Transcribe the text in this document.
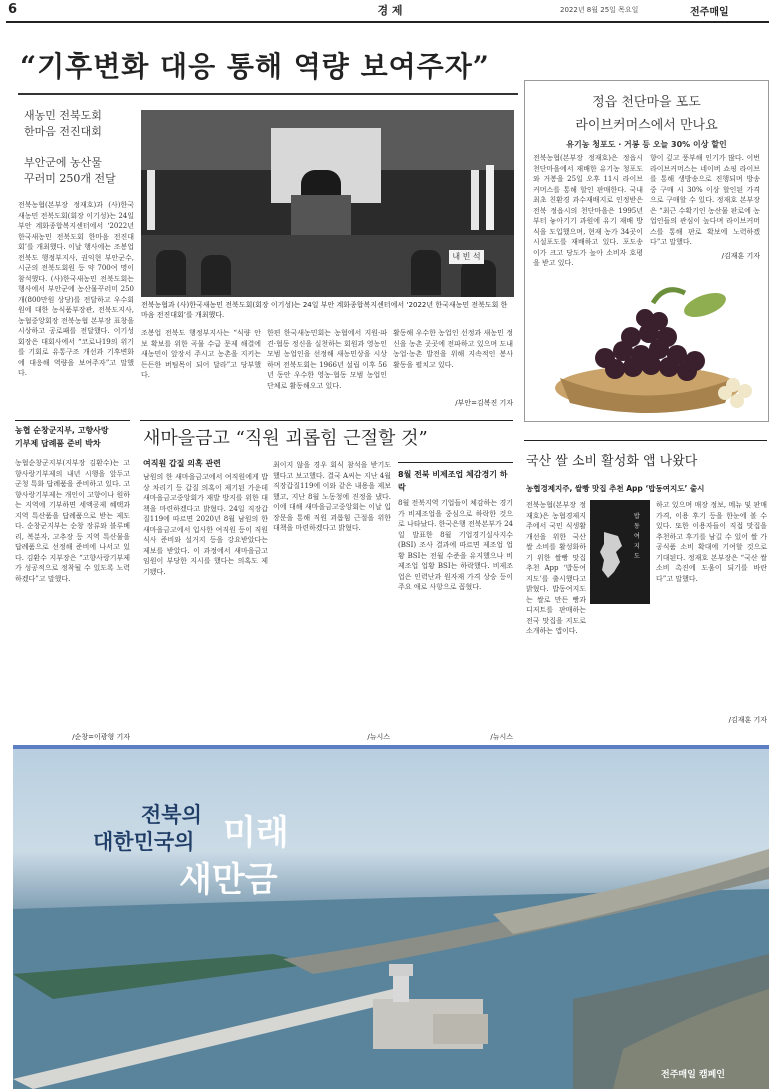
6	경 제	2022년 8월 25일 목요일	전주매일
“기후변화 대응 통해 역량 보여주자”
새농민 전북도회
한마음 전진대회
부안군에 농산물
꾸러미 250개 전달
전북농협(본부장 정재호)과 (사)한국새농민 전북도회(회장 이기성)는 24일 부안 계화종합복지센터에서 ‘2022년 한국새농민 전북도회 한마음 전진대회’를 개최했다. 이날 행사에는 조봉업 전북도 행정부지사, 권익현 부안군수, 시군의 전북도회원 등 약 700여 명이 참석했다. (사)한국새농민 전북도회는 행사에서 부안군에 농산물꾸러미 250개(800만원 상당)를 전달하고 우수회원에 대한 농식품부장관, 전북도지사, 농협중앙회장 전북농협 본부장 표창을 시상하고 공로패를 전달했다. 이기성 회장은 대회사에서 “코로나19의 위기를 기회로 유통구조 개선과 기후변화에 대응해 역량을 보여주자”고 말했다.
내 빈 석
전북농협과 (사)한국새농민 전북도회(회장 이기성)는 24일 부안 계화종합복지센터에서 ‘2022년 한국새농민 전북도회 한마음 전진대회’를 개최했다.
조봉업 전북도 행정부지사는 “식량 안보 확보를 위한 곡물 수급 문제 해결에 새농민이 앞장서 주시고 농촌을 지키는 든든한 버팀목이 되어 달라”고 당부했다.
한편 한국새농민회는 농협에서 지원·파견·협동 정신을 실천하는 회원과 영농인 모범 농업인을 선정해 새농민상을 시상하며 전북도회는 1966년 설립 이후 56년 동안 우수한 영농·협동 모범 농업인 단체로 활동해오고 있다.
활동해 우수한 농업인 선정과 새농민 정신을 농촌 곳곳에 전파하고 있으며 도내 농업·농촌 발전을 위해 지속적인 봉사 활동을 펼치고 있다.
/부안=김복진 기자
정읍 천단마을 포도
라이브커머스에서 만나요
유기농 청포도 · 거봉 등 오늘 30% 이상 할인
전북농협(본부장 정재호)은 정읍시 천단마을에서 재배한 유기농 청포도와 거봉을 25일 오후 11시 라이브커머스를 통해 할인 판매한다. 국내 최초 친환경 과수재배지로 인정받은 전북 정읍시의 천단마을은 1995년부터 놓아기기 과원에 유기 재배 방식을 도입했으며, 현재 농가 34곳이 시설포도를 재배하고 있다. 포도송이가 크고 당도가 높아 소비자 호평을 받고 있다.
향이 깊고 풍부해 인기가 많다. 이번 라이브커머스는 네이버 쇼핑 라이브를 통해 생방송으로 진행되며 방송 중 구매 시 30% 이상 할인된 가격으로 구매할 수 있다. 정재호 본부장은 “최근 수확기인 농산물 판로에 농업인들의 관심이 높다며 라이브커머스를 통해 판로 확보에 노력하겠다”고 말했다.
/김재훈 기자
농협 순창군지부, 고향사랑
기부제 답례품 준비 박차
농협순창군지부(지부장 김환수)는 고향사랑기부제의 내년 시행을 앞두고 군청 특화 답례품을 준비하고 있다. 고향사랑기부제는 개인이 고향이나 원하는 지역에 기부하면 세액공제 혜택과 지역 특산품을 답례품으로 받는 제도다. 순창군지부는 순창 장류와 블루베리, 복분자, 고추장 등 지역 특산물을 답례품으로 선정해 준비에 나서고 있다. 김환수 지부장은 “고향사랑기부제가 성공적으로 정착될 수 있도록 노력하겠다”고 말했다.
/순창=이광형 기자
새마을금고 “직원 괴롭힘 근절할 것”
여직원 갑질 의혹 관련
남원의 한 새마을금고에서 여직원에게 밥상 차리기 등 갑질 의혹이 제기된 가운데 새마을금고중앙회가 재발 방지를 위한 대책을 마련하겠다고 밝혔다. 24일 직장갑질119에 따르면 2020년 8월 남원의 한 새마을금고에서 입사한 여직원 등이 직원 식사 준비와 설거지 등을 강요받았다는 제보를 받았다. 이 과정에서 새마을금고 임원이 부당한 지시를 했다는 의혹도 제기됐다.
최이지 않을 경우 회식 참석을 받기도 했다고 보고했다. 결국 A씨는 지난 4월 직장갑질119에 이와 같은 내용을 제보했고, 지난 8월 노동청에 진정을 냈다. 이에 대해 새마을금고중앙회는 이날 입장문을 통해 직원 괴롭힘 근절을 위한 대책을 마련하겠다고 밝혔다.
/뉴시스
8월 전북 비제조업 체감경기 하락
8월 전북지역 기업들이 체감하는 경기가 비제조업을 중심으로 하락한 것으로 나타났다. 한국은행 전북본부가 24일 발표한 8월 기업경기실사지수(BSI) 조사 결과에 따르면 제조업 업황 BSI는 전월 수준을 유지했으나 비제조업 업황 BSI는 하락했다. 비제조업은 인력난과 원자재 가격 상승 등이 주요 애로 사항으로 꼽혔다.
/뉴시스
국산 쌀 소비 활성화 앱 나왔다
농협경제지주, 쌀빵 맛집 추천 App ‘밥동여지도’ 출시
전북농협(본부장 정재호)은 농협경제지주에서 국민 식생활 개선을 위한 국산 쌀 소비를 활성화하기 위한 쌀빵 맛집 추천 App ‘밥동여지도’를 출시했다고 밝혔다. 밥동여지도는 쌀로 만든 빵과 디저트를 판매하는 전국 맛집을 지도로 소개하는 앱이다.
밥 동 여 지 도
하고 있으며 매장 정보, 메뉴 및 판매 가격, 이용 후기 등을 한눈에 볼 수 있다. 또한 이용자들이 직접 맛집을 추천하고 후기를 남길 수 있어 쌀 가공식품 소비 확대에 기여할 것으로 기대된다. 정재호 본부장은 “국산 쌀 소비 촉진에 도움이 되기를 바란다”고 말했다.
/김재훈 기자
전북의
대한민국의 미래
새만금
전주매일 캠페인
